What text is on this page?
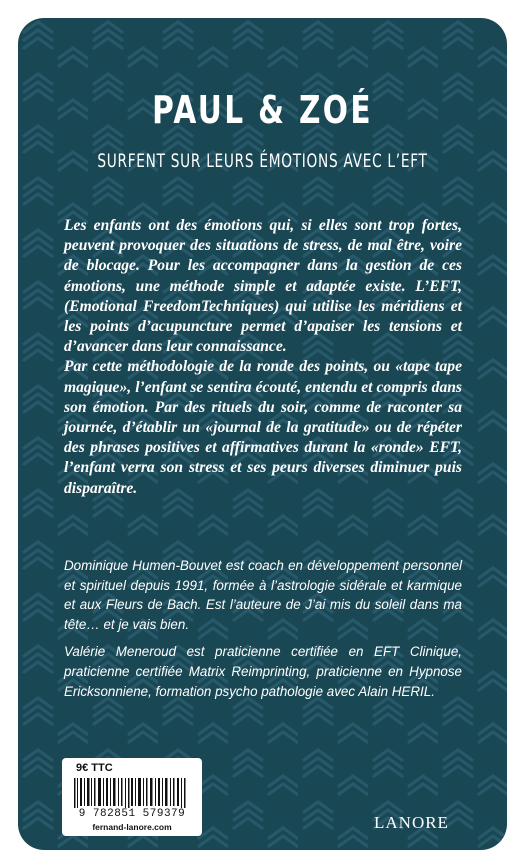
PAUL & ZOÉ
SURFENT SUR LEURS ÉMOTIONS AVEC L’EFT

Les enfants ont des émotions qui, si elles sont trop fortes, peuvent provoquer des situations de stress, de mal être, voire de blocage. Pour les accompagner dans la gestion de ces émotions, une méthode simple et adaptée existe. L’EFT, (Emotional FreedomTechniques) qui utilise les méridiens et les points d’acupuncture permet d’apaiser les tensions et d’avancer dans leur connaissance.

Par cette méthodologie de la ronde des points, ou «tape tape magique», l’enfant se sentira écouté, entendu et compris dans son émotion. Par des rituels du soir, comme de raconter sa journée, d’établir un «journal de la gratitude» ou de répéter des phrases positives et affirmatives durant la «ronde» EFT, l’enfant verra son stress et ses peurs diverses diminuer puis disparaître.

Dominique Humen-Bouvet est coach en développement personnel et spirituel depuis 1991, formée à l’astrologie sidérale et karmique et aux Fleurs de Bach. Est l’auteure de J’ai mis du soleil dans ma tête… et je vais bien.

Valérie Meneroud est praticienne certifiée en EFT Clinique, praticienne certifiée Matrix Reimprinting, praticienne en Hypnose Ericksonniene, formation psycho pathologie avec Alain HERIL.

9€ TTC
9 782851 579379
fernand-lanore.com	LANORE
